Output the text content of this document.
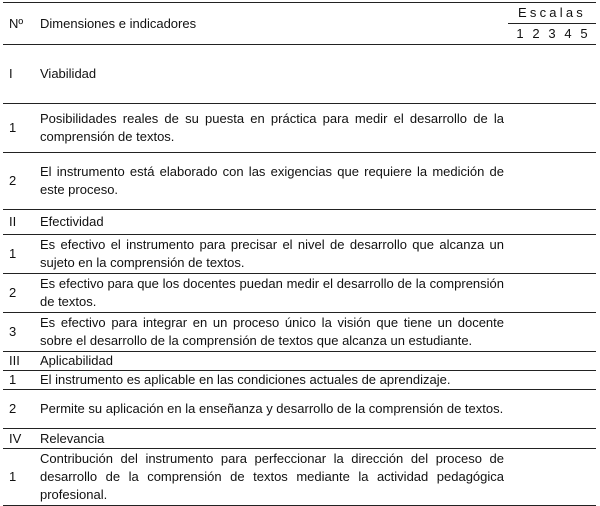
Nº	Dimensiones e indicadores	Escalas
		1 2 3 4 5
I	Viabilidad	
1	Posibilidades reales de su puesta en práctica para medir el desarrollo de la comprensión de textos.	
2	El instrumento está elaborado con las exigencias que requiere la medición de este proceso.	
II	Efectividad	
1	Es efectivo el instrumento para precisar el nivel de desarrollo que alcanza un sujeto en la comprensión de textos.	
2	Es efectivo para que los docentes puedan medir el desarrollo de la comprensión de textos.	
3	Es efectivo para integrar en un proceso único la visión que tiene un docente sobre el desarrollo de la comprensión de textos que alcanza un estudiante.	
III	Aplicabilidad	
1	El instrumento es aplicable en las condiciones actuales de aprendizaje.	
2	Permite su aplicación en la enseñanza y desarrollo de la comprensión de textos.	
IV	Relevancia	
1	Contribución del instrumento para perfeccionar la dirección del proceso de desarrollo de la comprensión de textos mediante la actividad pedagógica profesional.	
